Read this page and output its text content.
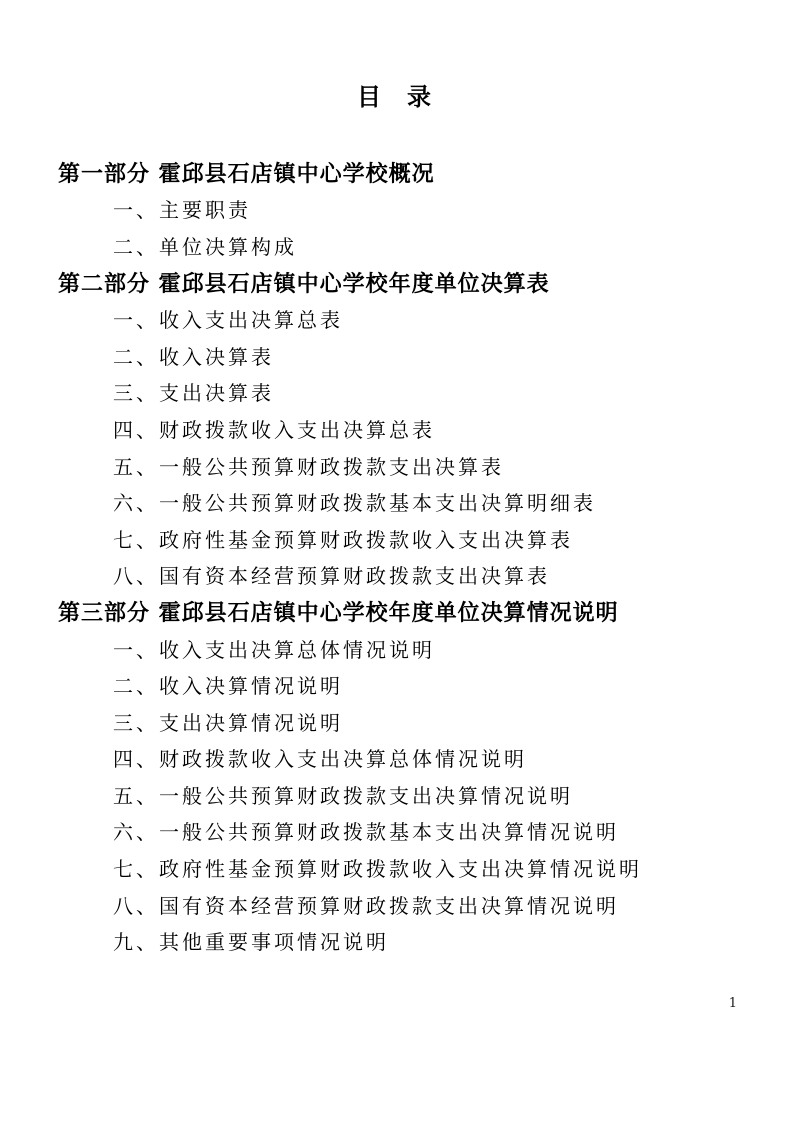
目　录
第一部分 霍邱县石店镇中心学校概况
一、主要职责
二、单位决算构成
第二部分 霍邱县石店镇中心学校年度单位决算表
一、收入支出决算总表
二、收入决算表
三、支出决算表
四、财政拨款收入支出决算总表
五、一般公共预算财政拨款支出决算表
六、一般公共预算财政拨款基本支出决算明细表
七、政府性基金预算财政拨款收入支出决算表
八、国有资本经营预算财政拨款支出决算表
第三部分 霍邱县石店镇中心学校年度单位决算情况说明
一、收入支出决算总体情况说明
二、收入决算情况说明
三、支出决算情况说明
四、财政拨款收入支出决算总体情况说明
五、一般公共预算财政拨款支出决算情况说明
六、一般公共预算财政拨款基本支出决算情况说明
七、政府性基金预算财政拨款收入支出决算情况说明
八、国有资本经营预算财政拨款支出决算情况说明
九、其他重要事项情况说明
1
